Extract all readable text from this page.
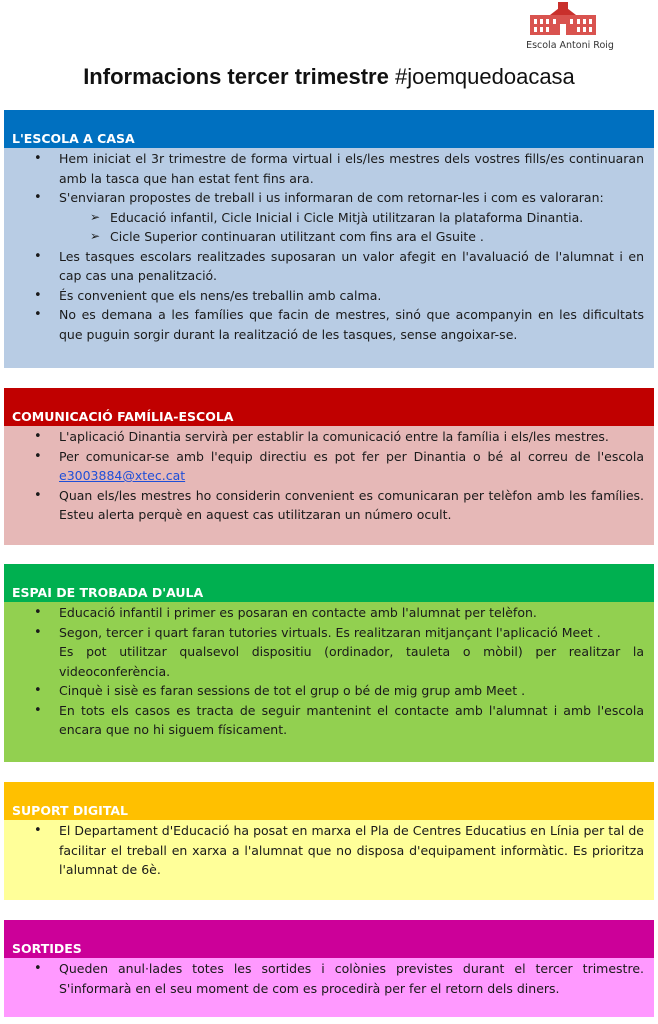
Escola Antoni Roig
Informacions tercer trimestre #joemquedoacasa
L'ESCOLA A CASA
• Hem iniciat el 3r trimestre de forma virtual i els/les mestres dels vostres fills/es continuaran amb la tasca que han estat fent fins ara.
• S'enviaran propostes de treball i us informaran de com retornar-les i com es valoraran:
➢ Educació infantil, Cicle Inicial i Cicle Mitjà utilitzaran la plataforma Dinantia.
➢ Cicle Superior continuaran utilitzant com fins ara el Gsuite .
• Les tasques escolars realitzades suposaran un valor afegit en l'avaluació de l'alumnat i en cap cas una penalització.
• És convenient que els nens/es treballin amb calma.
• No es demana a les famílies que facin de mestres, sinó que acompanyin en les dificultats que puguin sorgir durant la realització de les tasques, sense angoixar-se.
COMUNICACIÓ FAMÍLIA-ESCOLA
• L'aplicació Dinantia servirà per establir la comunicació entre la família i els/les mestres.
• Per comunicar-se amb l'equip directiu es pot fer per Dinantia o bé al correu de l'escola e3003884@xtec.cat
• Quan els/les mestres ho considerin convenient es comunicaran per telèfon amb les famílies. Esteu alerta perquè en aquest cas utilitzaran un número ocult.
ESPAI DE TROBADA D'AULA
• Educació infantil i primer es posaran en contacte amb l'alumnat per telèfon.
• Segon, tercer i quart faran tutories virtuals. Es realitzaran mitjançant l'aplicació Meet .
Es pot utilitzar qualsevol dispositiu (ordinador, tauleta o mòbil) per realitzar la videoconferència.
• Cinquè i sisè es faran sessions de tot el grup o bé de mig grup amb Meet .
• En tots els casos es tracta de seguir mantenint el contacte amb l'alumnat i amb l'escola encara que no hi siguem físicament.
SUPORT DIGITAL
• El Departament d'Educació ha posat en marxa el Pla de Centres Educatius en Línia per tal de facilitar el treball en xarxa a l'alumnat que no disposa d'equipament informàtic. Es prioritza l'alumnat de 6è.
SORTIDES
• Queden anul·lades totes les sortides i colònies previstes durant el tercer trimestre. S'informarà en el seu moment de com es procedirà per fer el retorn dels diners.
